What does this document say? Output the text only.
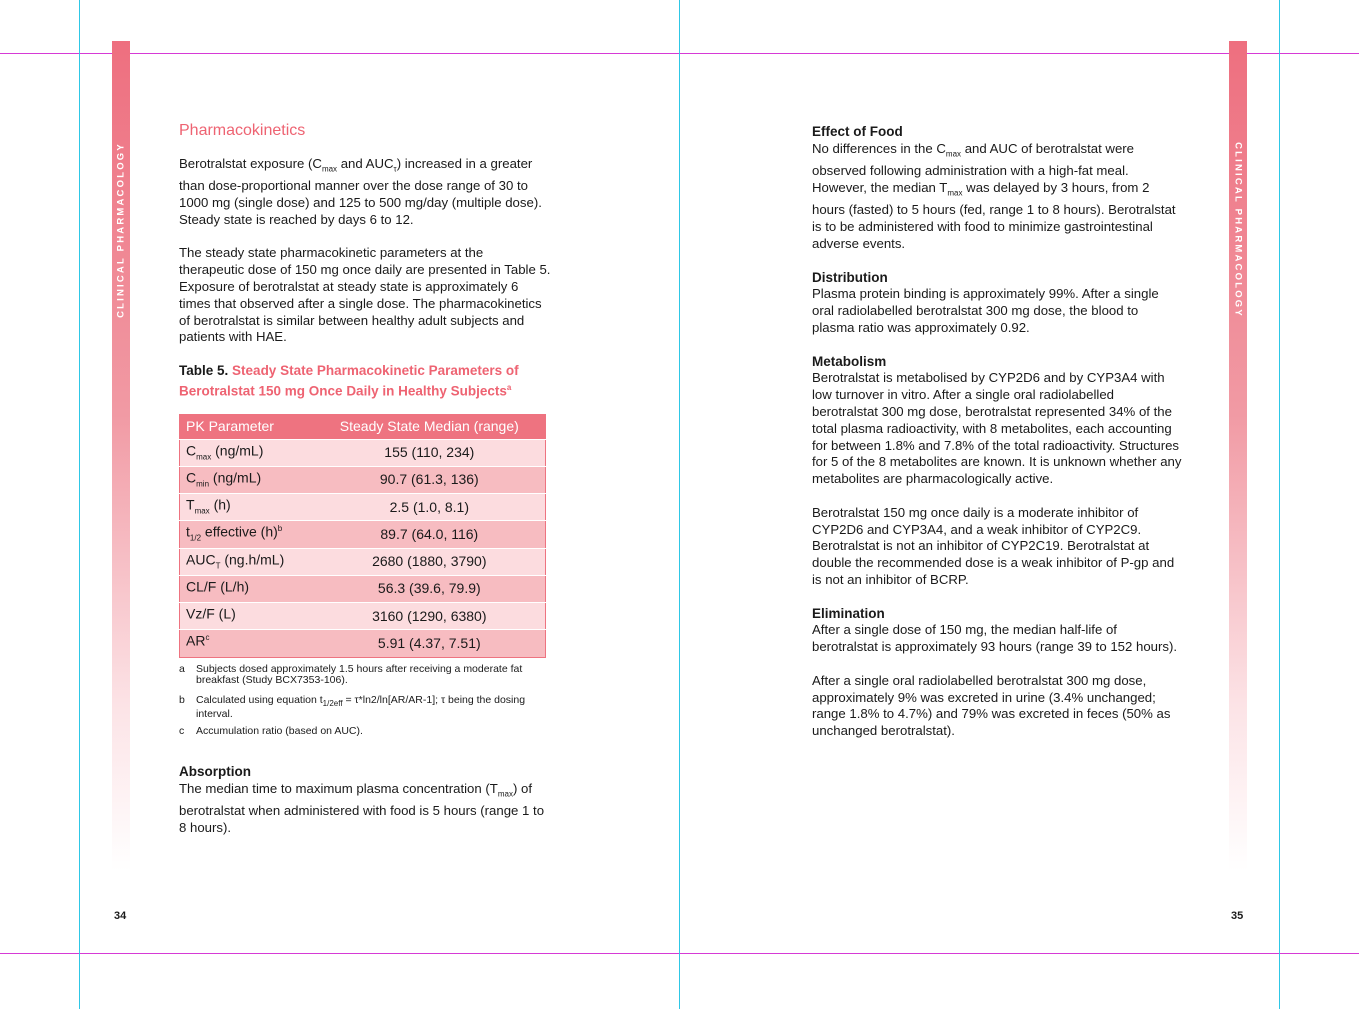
CLINICAL PHARMACOLOGY	CLINICAL PHARMACOLOGY
34	35
Pharmacokinetics

Berotralstat exposure ($C_{max}$ and $AUC_\tau$) increased in a greater than dose-proportional manner over the dose range of 30 to 1000 mg (single dose) and 125 to 500 mg/day (multiple dose). Steady state is reached by days 6 to 12.

The steady state pharmacokinetic parameters at the therapeutic dose of 150 mg once daily are presented in Table 5. Exposure of berotralstat at steady state is approximately 6 times that observed after a single dose. The pharmacokinetics of berotralstat is similar between healthy adult subjects and patients with HAE.

Table 5. Steady State Pharmacokinetic Parameters of Berotralstat 150 mg Once Daily in Healthy Subjects$^a$
PK Parameter	Steady State Median (range)
$C_{max}$ (ng/mL)	155 (110, 234)
$C_{min}$ (ng/mL)	90.7 (61.3, 136)
$T_{max}$ (h)	2.5 (1.0, 8.1)
$t_{1/2}$ effective $(h)^b$	89.7 (64.0, 116)
$AUC_T$ (ng.h/mL)	2680 (1880, 3790)
CL/F (L/h)	56.3 (39.6, 79.9)
Vz/F (L)	3160 (1290, 6380)
$AR^c$	5.91 (4.37, 7.51)
a	Subjects dosed approximately 1.5 hours after receiving a moderate fat breakfast (Study BCX7353-106).
b	Calculated using equation $t_{1/2eff} = \tau*\ln 2/\ln[AR/AR-1]$; τ being the dosing interval.
c	Accumulation ratio (based on AUC).
Absorption

The median time to maximum plasma concentration $(T_{max})$ of berotralstat when administered with food is 5 hours (range 1 to 8 hours).

Effect of Food

No differences in the $C_{max}$ and AUC of berotralstat were observed following administration with a high-fat meal. However, the median $T_{max}$ was delayed by 3 hours, from 2 hours (fasted) to 5 hours (fed, range 1 to 8 hours). Berotralstat is to be administered with food to minimize gastrointestinal adverse events.

Distribution

Plasma protein binding is approximately 99%. After a single oral radiolabelled berotralstat 300 mg dose, the blood to plasma ratio was approximately 0.92.

Metabolism

Berotralstat is metabolised by CYP2D6 and by CYP3A4 with low turnover in vitro. After a single oral radiolabelled berotralstat 300 mg dose, berotralstat represented 34% of the total plasma radioactivity, with 8 metabolites, each accounting for between 1.8% and 7.8% of the total radioactivity. Structures for 5 of the 8 metabolites are known. It is unknown whether any metabolites are pharmacologically active.

Berotralstat 150 mg once daily is a moderate inhibitor of CYP2D6 and CYP3A4, and a weak inhibitor of CYP2C9. Berotralstat is not an inhibitor of CYP2C19. Berotralstat at double the recommended dose is a weak inhibitor of P-gp and is not an inhibitor of BCRP.

Elimination

After a single dose of 150 mg, the median half-life of berotralstat is approximately 93 hours (range 39 to 152 hours).

After a single oral radiolabelled berotralstat 300 mg dose, approximately 9% was excreted in urine (3.4% unchanged; range 1.8% to 4.7%) and 79% was excreted in feces (50% as unchanged berotralstat).
